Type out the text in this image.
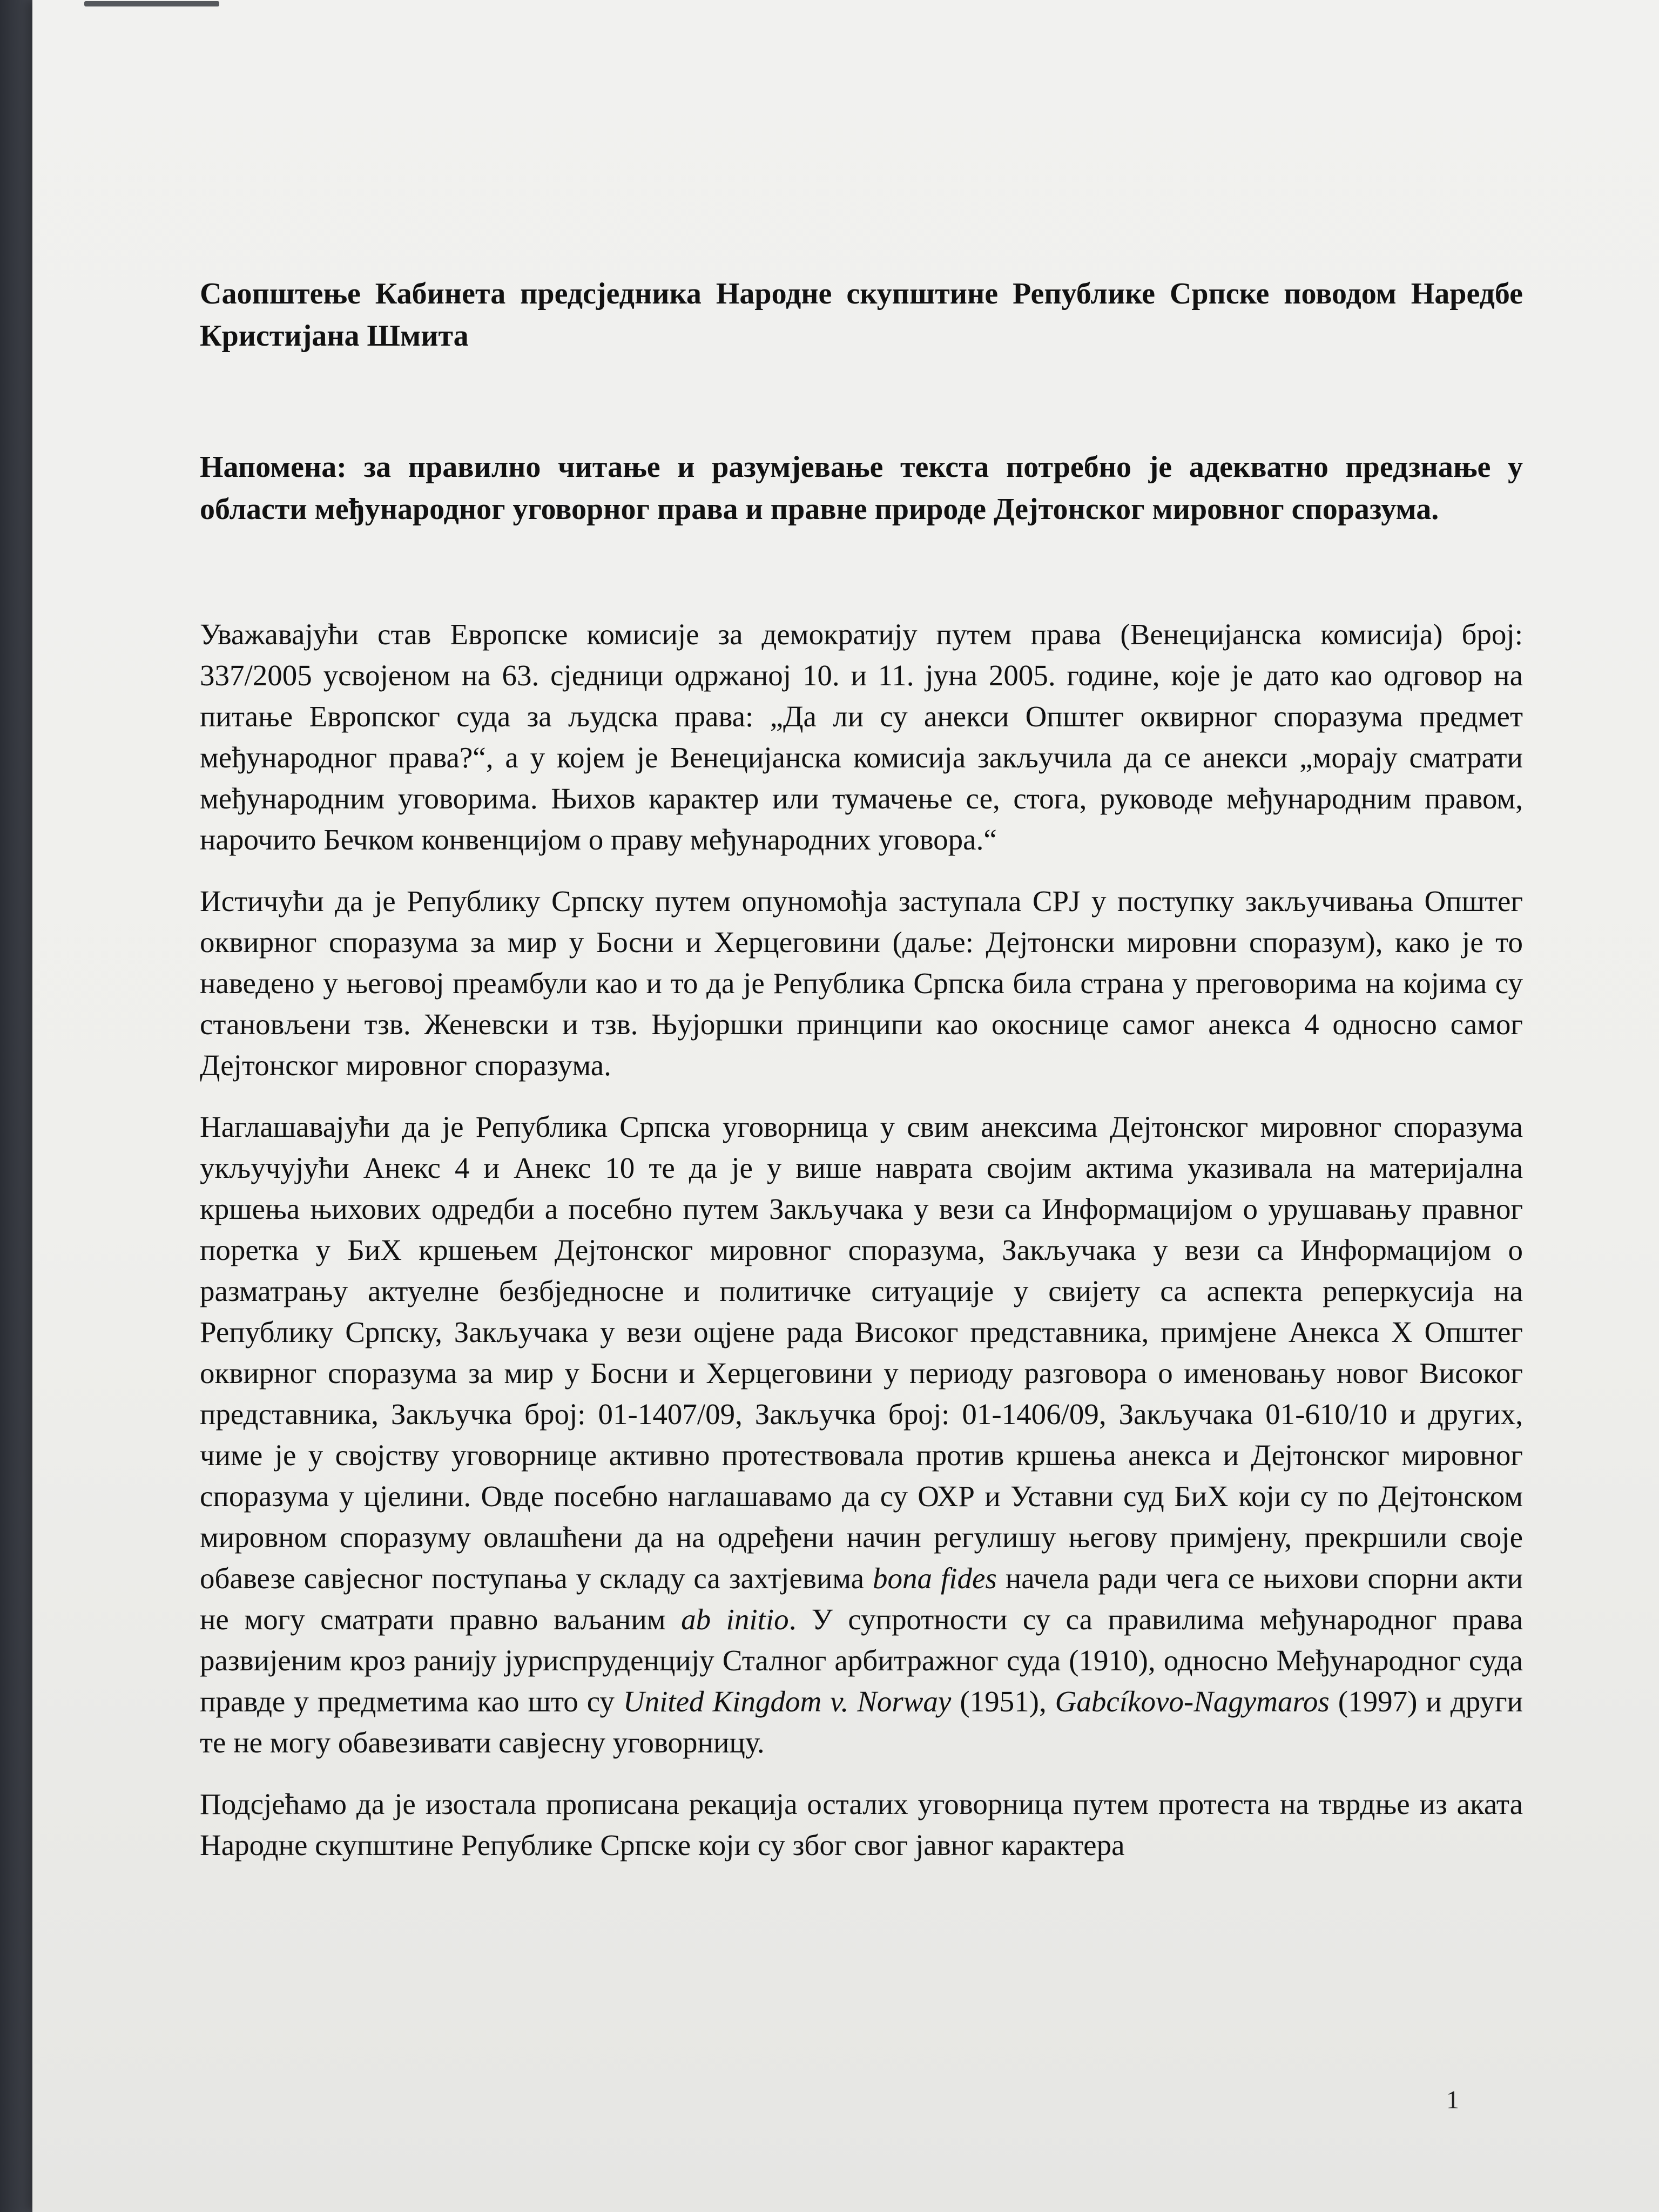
Саопштење Кабинета предсједника Народне скупштине Републике Српске поводом Наредбе Кристијана Шмита

Напомена: за правилно читање и разумјевање текста потребно је адекватно предзнање у области међународног уговорног права и правне природе Дејтонског мировног споразума.

Уважавајући став Европске комисије за демократију путем права (Венецијанска комисија) број: 337/2005 усвојеном на 63. сједници одржаној 10. и 11. јуна 2005. године, које је дато као одговор на питање Европског суда за људска права: „Да ли су анекси Општег оквирног споразума предмет међународног права?“, а у којем је Венецијанска комисија закључила да се анекси „морају сматрати међународним уговорима. Њихов карактер или тумачење се, стога, руководе међународним правом, нарочито Бечком конвенцијом о праву међународних уговора.“

Истичући да је Републику Српску путем опуномоћја заступала СРЈ у поступку закључивања Општег оквирног споразума за мир у Босни и Херцеговини (даље: Дејтонски мировни споразум), како је то наведено у његовој преамбули као и то да је Република Српска била страна у преговорима на којима су становљени тзв. Женевски и тзв. Њујоршки принципи као окоснице самог анекса 4 односно самог Дејтонског мировног споразума.

Наглашавајући да је Република Српска уговорница у свим анексима Дејтонског мировног споразума укључујући Анекс 4 и Анекс 10 те да је у више наврата својим актима указивала на материјална кршења њихових одредби а посебно путем Закључака у вези са Информацијом о урушавању правног поретка у БиХ кршењем Дејтонског мировног споразума, Закључака у вези са Информацијом о разматрању актуелне безбједносне и политичке ситуације у свијету са аспекта реперкусија на Републику Српску, Закључака у вези оцјене рада Високог представника, примјене Анекса X Општег оквирног споразума за мир у Босни и Херцеговини у периоду разговора о именовању новог Високог представника, Закључка број: 01-1407/09, Закључка број: 01-1406/09, Закључака 01-610/10 и других, чиме је у својству уговорнице активно протествовала против кршења анекса и Дејтонског мировног споразума у цјелини. Овде посебно наглашавамо да су ОХР и Уставни суд БиХ који су по Дејтонском мировном споразуму овлашћени да на одређени начин регулишу његову примјену, прекршили своје обавезе савјесног поступања у складу са захтјевима bona fides начела ради чега се њихови спорни акти не могу сматрати правно ваљаним ab initio. У супротности су са правилима међународног права развијеним кроз ранију јуриспруденцију Сталног арбитражног суда (1910), односно Међународног суда правде у предметима као што су United Kingdom v. Norway (1951), Gabcíkovo-Nagymaros (1997) и други те не могу обавезивати савјесну уговорницу.

Подсјећамо да је изостала прописана рекација осталих уговорница путем протеста на тврдње из аката Народне скупштине Републике Српске који су због свог јавног карактера

1
